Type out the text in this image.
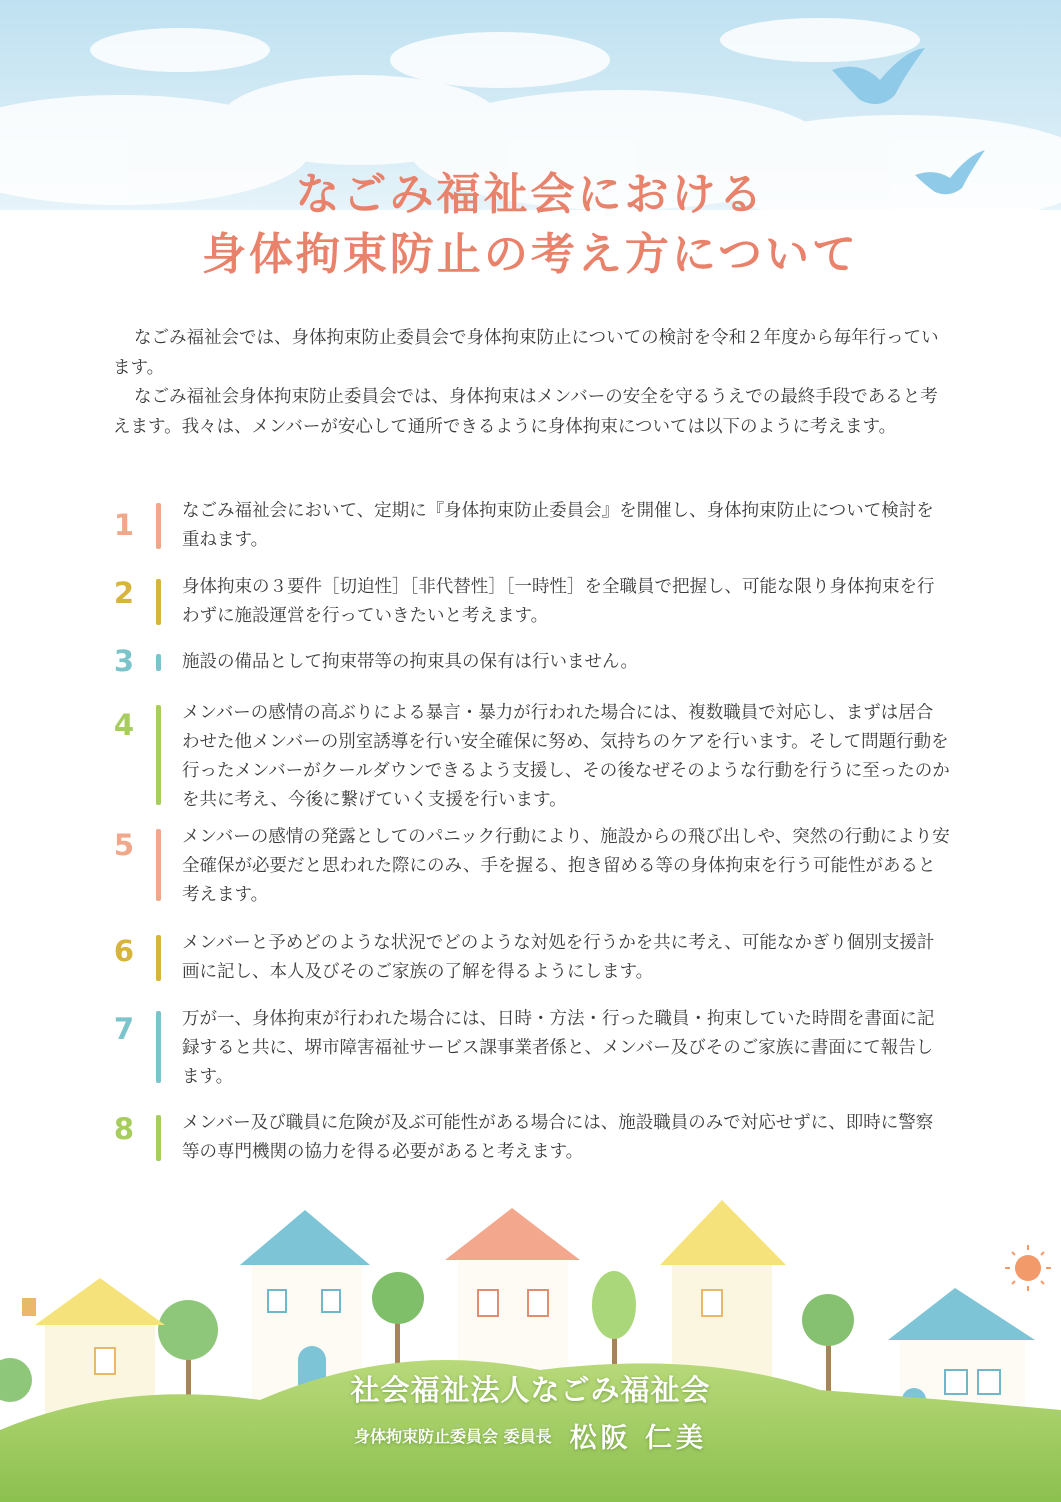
なごみ福祉会における
身体拘束防止の考え方について

なごみ福祉会では、身体拘束防止委員会で身体拘束防止についての検討を令和２年度から毎年行っています。

なごみ福祉会身体拘束防止委員会では、身体拘束はメンバーの安全を守るうえでの最終手段であると考えます。我々は、メンバーが安心して通所できるように身体拘束については以下のように考えます。

1	なごみ福祉会において、定期に『身体拘束防止委員会』を開催し、身体拘束防止について検討を重ねます。
2	身体拘束の３要件［切迫性］［非代替性］［一時性］を全職員で把握し、可能な限り身体拘束を行わずに施設運営を行っていきたいと考えます。
3	施設の備品として拘束帯等の拘束具の保有は行いません。
4	メンバーの感情の高ぶりによる暴言・暴力が行われた場合には、複数職員で対応し、まずは居合わせた他メンバーの別室誘導を行い安全確保に努め、気持ちのケアを行います。そして問題行動を行ったメンバーがクールダウンできるよう支援し、その後なぜそのような行動を行うに至ったのかを共に考え、今後に繋げていく支援を行います。
5	メンバーの感情の発露としてのパニック行動により、施設からの飛び出しや、突然の行動により安全確保が必要だと思われた際にのみ、手を握る、抱き留める等の身体拘束を行う可能性があると考えます。
6	メンバーと予めどのような状況でどのような対処を行うかを共に考え、可能なかぎり個別支援計画に記し、本人及びそのご家族の了解を得るようにします。
7	万が一、身体拘束が行われた場合には、日時・方法・行った職員・拘束していた時間を書面に記録すると共に、堺市障害福祉サービス課事業者係と、メンバー及びそのご家族に書面にて報告します。
8	メンバー及び職員に危険が及ぶ可能性がある場合には、施設職員のみで対応せずに、即時に警察等の専門機関の協力を得る必要があると考えます。
社会福祉法人なごみ福祉会
身体拘束防止委員会 委員長 松阪 仁美
